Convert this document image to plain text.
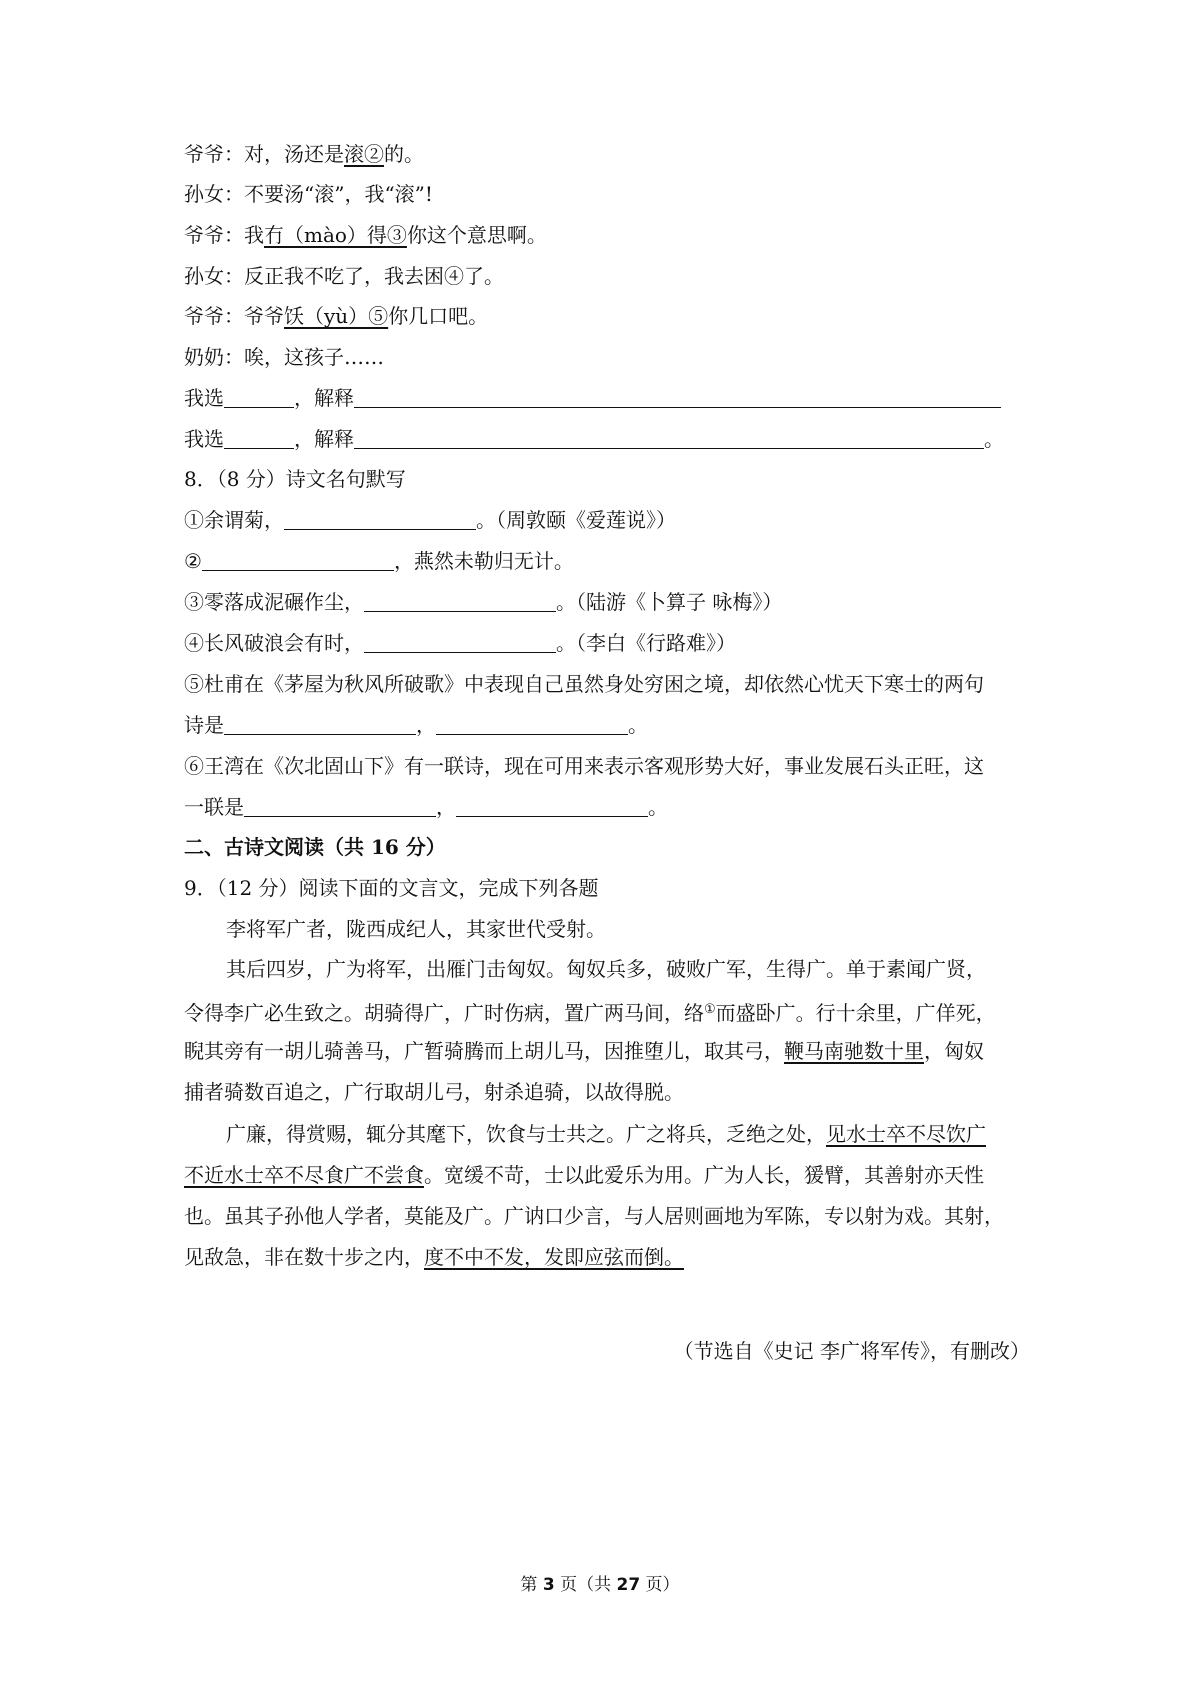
爷爷：对，汤还是滚②的。
孙女：不要汤“滚”，我“滚”!
爷爷：我冇（mào）得③你这个意思啊。
孙女：反正我不吃了，我去困④了。
爷爷：爷爷饫（yù）⑤你几口吧。
奶奶：唉，这孩子……
我选	，解释
我选	，解释	。
8．（8 分）诗文名句默写
①余谓菊，	。（周敦颐《爱莲说》）
②	，燕然未勒归无计。
③零落成泥碾作尘，	。（陆游《卜算子 咏梅》）
④长风破浪会有时，	。（李白《行路难》）
⑤杜甫在《茅屋为秋风所破歌》中表现自己虽然身处穷困之境，却依然心忧天下寒士的两句
诗是	，	。
⑥王湾在《次北固山下》有一联诗，现在可用来表示客观形势大好，事业发展石头正旺，这
一联是	，	。
二、古诗文阅读（共 16 分）
9．（12 分）阅读下面的文言文，完成下列各题
李将军广者，陇西成纪人，其家世代受射。
其后四岁，广为将军，出雁门击匈奴。匈奴兵多，破败广军，生得广。单于素闻广贤，
令得李广必生致之。胡骑得广，广时伤病，置广两马间，络①而盛卧广。行十余里，广佯死，
睨其旁有一胡儿骑善马，广暂骑腾而上胡儿马，因推堕儿，取其弓，鞭马南驰数十里，匈奴
捕者骑数百追之，广行取胡儿弓，射杀追骑，以故得脱。
广廉，得赏赐，辄分其麾下，饮食与士共之。广之将兵，乏绝之处，见水士卒不尽饮广
不近水士卒不尽食广不尝食。宽缓不苛，士以此爱乐为用。广为人长，猨臂，其善射亦天性
也。虽其子孙他人学者，莫能及广。广讷口少言，与人居则画地为军陈，专以射为戏。其射，
见敌急，非在数十步之内，度不中不发，发即应弦而倒。
（节选自《史记 李广将军传》，有删改）
第 3 页（共 27 页）
